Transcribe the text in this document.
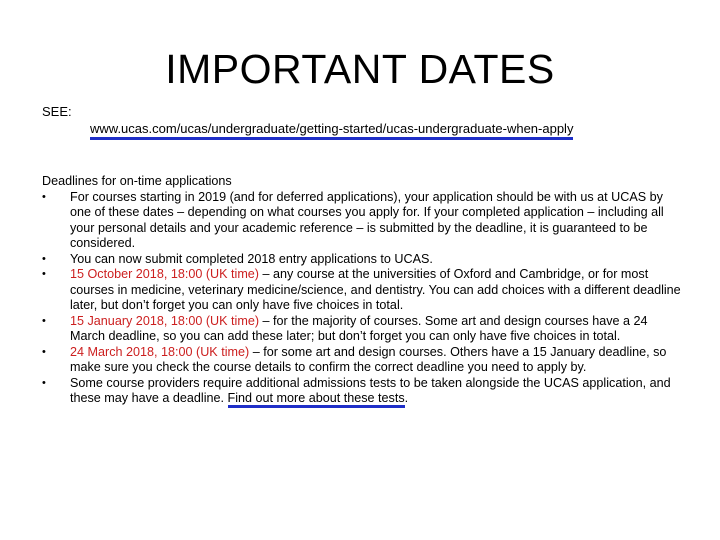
IMPORTANT DATES
SEE:
www.ucas.com/ucas/undergraduate/getting-started/ucas-undergraduate-when-apply
Deadlines for on-time applications
•	For courses starting in 2019 (and for deferred applications), your application should be with us at UCAS by one of these dates – depending on what courses you apply for. If your completed application – including all your personal details and your academic reference – is submitted by the deadline, it is guaranteed to be considered.
•	You can now submit completed 2018 entry applications to UCAS.
•	15 October 2018, 18:00 (UK time) – any course at the universities of Oxford and Cambridge, or for most courses in medicine, veterinary medicine/science, and dentistry. You can add choices with a different deadline later, but don’t forget you can only have five choices in total.
•	15 January 2018, 18:00 (UK time) – for the majority of courses. Some art and design courses have a 24 March deadline, so you can add these later; but don’t forget you can only have five choices in total.
•	24 March 2018, 18:00 (UK time) – for some art and design courses. Others have a 15 January deadline, so make sure you check the course details to confirm the correct deadline you need to apply by.
•	Some course providers require additional admissions tests to be taken alongside the UCAS application, and these may have a deadline. Find out more about these tests.
